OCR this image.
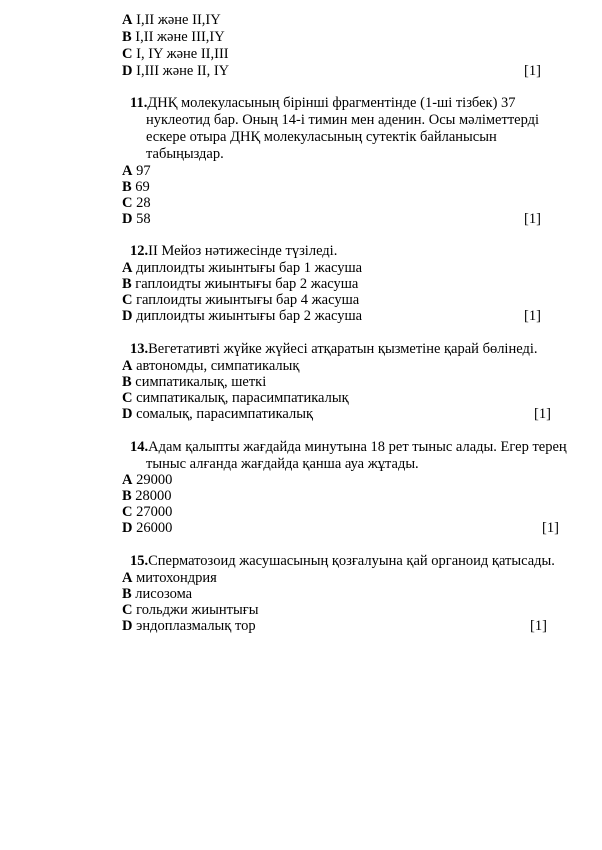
A I,II және II,IY
B I,II және III,IY
C I, IY және II,III
D I,III және II, IY	[1]
11.ДНҚ молекуласының бірінші фрагментінде (1-ші тізбек) 37
нуклеотид бар. Оның 14-і тимин мен аденин. Осы мәліметтерді
ескере отыра ДНҚ молекуласының сутектік байланысын
табыңыздар.
A 97
B 69
C 28
D 58	[1]
12.II Мейоз нәтижесінде түзіледі.
A диплоидты жиынтығы бар 1 жасуша
B гаплоидты жиынтығы бар 2 жасуша
C гаплоидты жиынтығы бар 4 жасуша
D диплоидты жиынтығы бар 2 жасуша	[1]
13.Вегетативті жүйке жүйесі атқаратын қызметіне қарай бөлінеді.
A автономды, симпатикалық
B симпатикалық, шеткі
C симпатикалық, парасимпатикалық
D сомалық, парасимпатикалық	[1]
14.Адам қалыпты жағдайда минутына 18 рет тыныс алады. Егер терең
тыныс алғанда жағдайда қанша ауа жұтады.
A 29000
B 28000
C 27000
D 26000	[1]
15.Сперматозоид жасушасының қозғалуына қай органоид қатысады.
A митохондрия
B лисозома
C гольджи жиынтығы
D эндоплазмалық тор	[1]
